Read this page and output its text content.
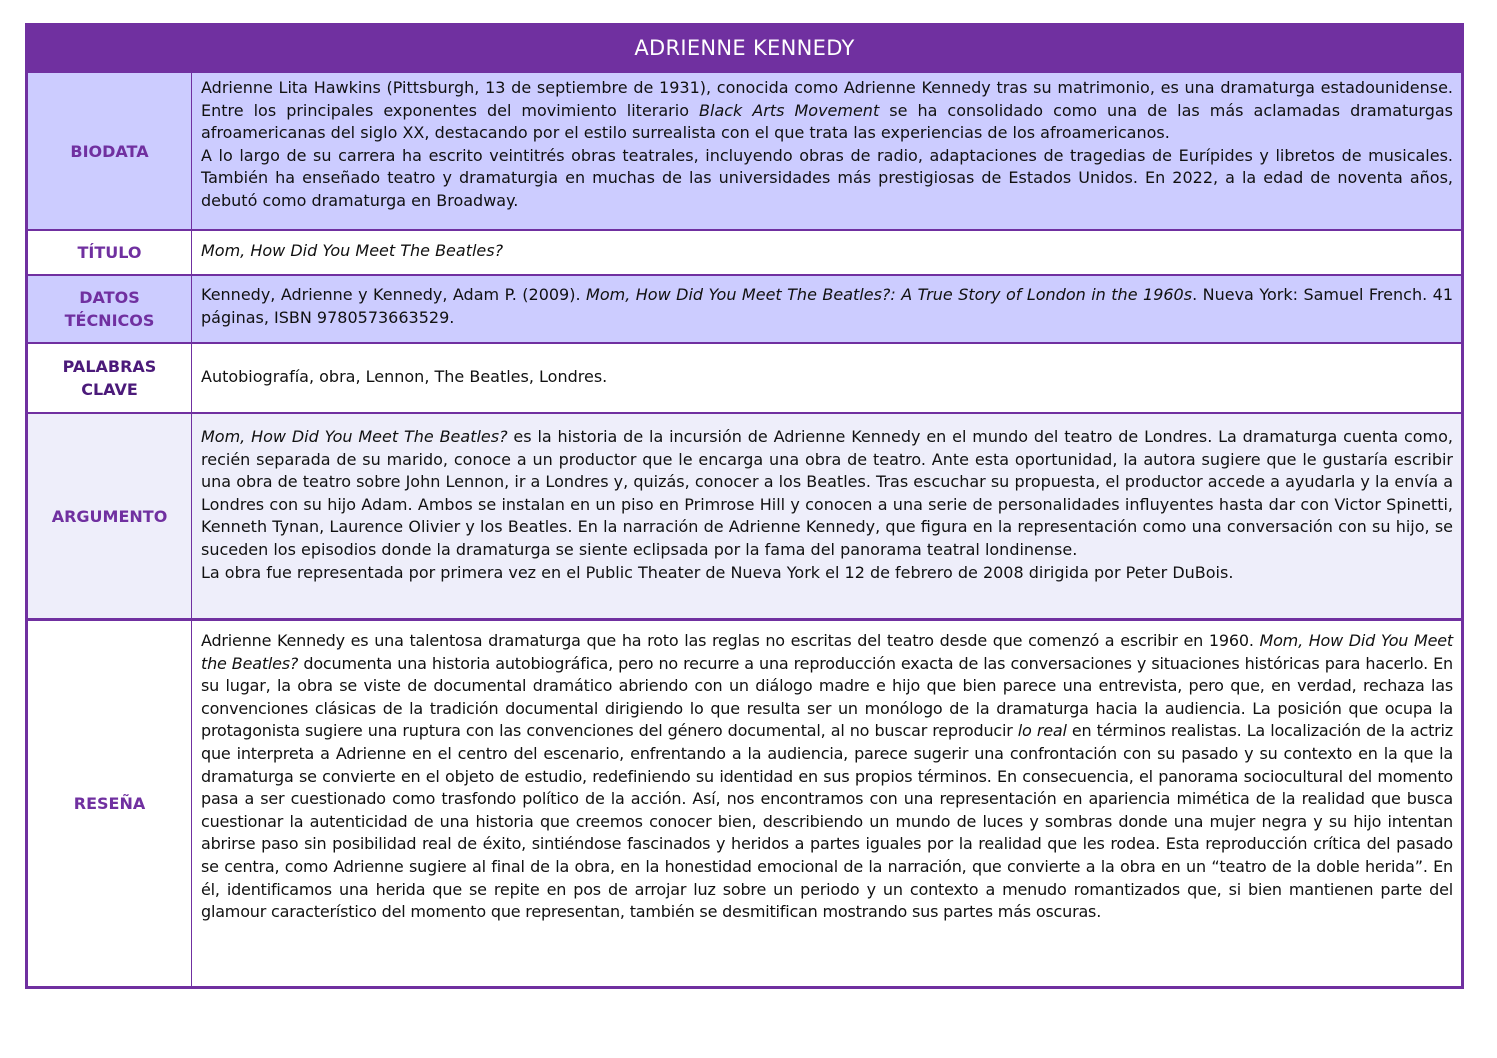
ADRIENNE KENNEDY
BIODATA

Adrienne Lita Hawkins (Pittsburgh, 13 de septiembre de 1931), conocida como Adrienne Kennedy tras su matrimonio, es una dramaturga estadounidense. Entre los principales exponentes del movimiento literario Black Arts Movement se ha consolidado como una de las más aclamadas dramaturgas afroamericanas del siglo XX, destacando por el estilo surrealista con el que trata las experiencias de los afroamericanos.

A lo largo de su carrera ha escrito veintitrés obras teatrales, incluyendo obras de radio, adaptaciones de tragedias de Eurípides y libretos de musicales. También ha enseñado teatro y dramaturgia en muchas de las universidades más prestigiosas de Estados Unidos. En 2022, a la edad de noventa años, debutó como dramaturga en Broadway.

TÍTULO	Mom, How Did You Meet The Beatles?
DATOS TÉCNICOS

Kennedy, Adrienne y Kennedy, Adam P. (2009). Mom, How Did You Meet The Beatles?: A True Story of London in the 1960s. Nueva York: Samuel French. 41 páginas, ISBN 9780573663529.

PALABRAS CLAVE
Autobiografía, obra, Lennon, The Beatles, Londres.
ARGUMENTO

Mom, How Did You Meet The Beatles? es la historia de la incursión de Adrienne Kennedy en el mundo del teatro de Londres. La dramaturga cuenta como, recién separada de su marido, conoce a un productor que le encarga una obra de teatro. Ante esta oportunidad, la autora sugiere que le gustaría escribir una obra de teatro sobre John Lennon, ir a Londres y, quizás, conocer a los Beatles. Tras escuchar su propuesta, el productor accede a ayudarla y la envía a Londres con su hijo Adam. Ambos se instalan en un piso en Primrose Hill y conocen a una serie de personalidades influyentes hasta dar con Victor Spinetti, Kenneth Tynan, Laurence Olivier y los Beatles. En la narración de Adrienne Kennedy, que figura en la representación como una conversación con su hijo, se suceden los episodios donde la dramaturga se siente eclipsada por la fama del panorama teatral londinense.

La obra fue representada por primera vez en el Public Theater de Nueva York el 12 de febrero de 2008 dirigida por Peter DuBois.

RESEÑA

Adrienne Kennedy es una talentosa dramaturga que ha roto las reglas no escritas del teatro desde que comenzó a escribir en 1960. Mom, How Did You Meet the Beatles? documenta una historia autobiográfica, pero no recurre a una reproducción exacta de las conversaciones y situaciones históricas para hacerlo. En su lugar, la obra se viste de documental dramático abriendo con un diálogo madre e hijo que bien parece una entrevista, pero que, en verdad, rechaza las convenciones clásicas de la tradición documental dirigiendo lo que resulta ser un monólogo de la dramaturga hacia la audiencia. La posición que ocupa la protagonista sugiere una ruptura con las convenciones del género documental, al no buscar reproducir lo real en términos realistas. La localización de la actriz que interpreta a Adrienne en el centro del escenario, enfrentando a la audiencia, parece sugerir una confrontación con su pasado y su contexto en la que la dramaturga se convierte en el objeto de estudio, redefiniendo su identidad en sus propios términos. En consecuencia, el panorama sociocultural del momento pasa a ser cuestionado como trasfondo político de la acción. Así, nos encontramos con una representación en apariencia mimética de la realidad que busca cuestionar la autenticidad de una historia que creemos conocer bien, describiendo un mundo de luces y sombras donde una mujer negra y su hijo intentan abrirse paso sin posibilidad real de éxito, sintiéndose fascinados y heridos a partes iguales por la realidad que les rodea. Esta reproducción crítica del pasado se centra, como Adrienne sugiere al final de la obra, en la honestidad emocional de la narración, que convierte a la obra en un “teatro de la doble herida”. En él, identificamos una herida que se repite en pos de arrojar luz sobre un periodo y un contexto a menudo romantizados que, si bien mantienen parte del glamour característico del momento que representan, también se desmitifican mostrando sus partes más oscuras.
